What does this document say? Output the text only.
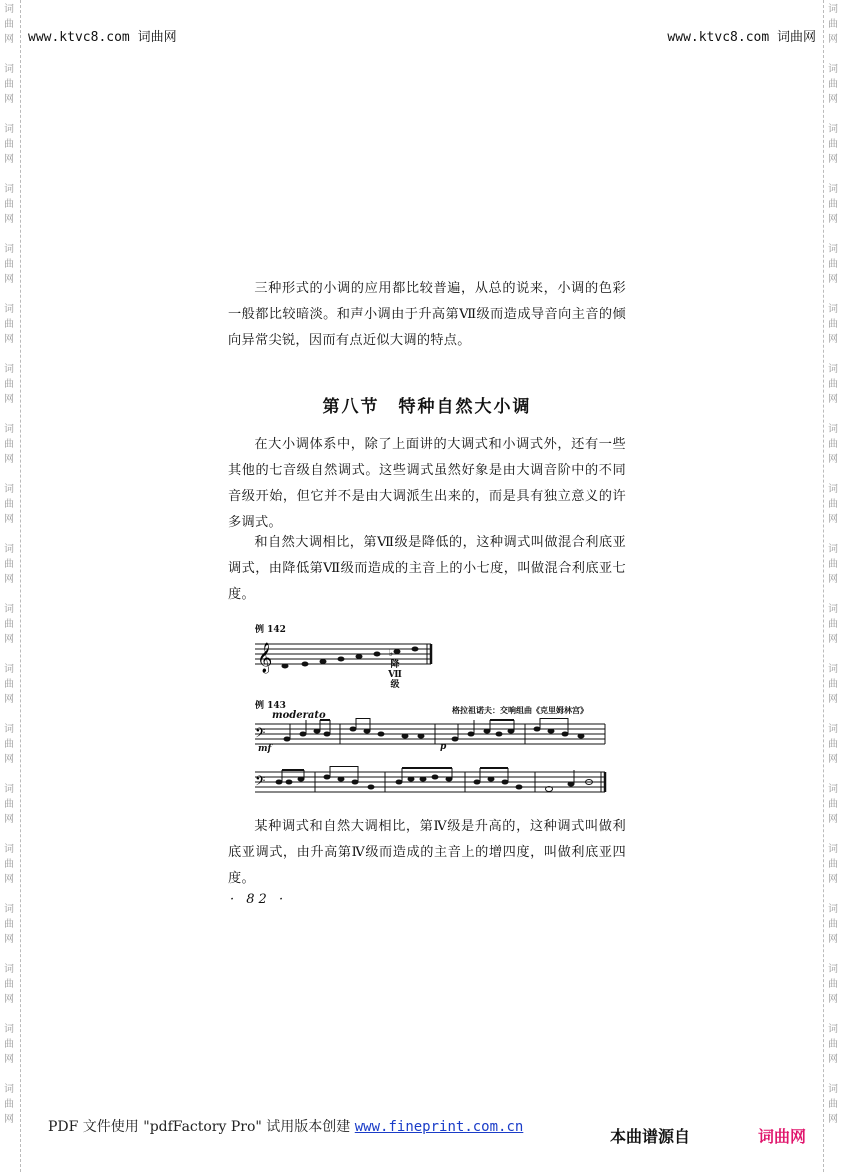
词
曲
网
词
曲
网
词
曲
网
词
曲
网
词
曲
网
词
曲
网
词
曲
网
词
曲
网
词
曲
网
词
曲
网
词
曲
网
词
曲
网
词
曲
网
词
曲
网
词
曲
网
词
曲
网
词
曲
网
词
曲
网
词
曲
网
词
曲
网
词
曲
网
词
曲
网
词
曲
网
词
曲
网
词
曲
网
词
曲
网
词
曲
网
词
曲
网
词
曲
网
词
曲
网
词
曲
网
词
曲
网
词
曲
网
词
曲
网
词
曲
网
词
曲
网
词
曲
网
词
曲
网
www.ktvc8.com 词曲网	www.ktvc8.com 词曲网
三种形式的小调的应用都比较普遍，从总的说来，小调的色彩一般都比较暗淡。和声小调由于升高第Ⅶ级而造成导音向主音的倾向异常尖锐，因而有点近似大调的特点。
第八节　特种自然大小调
在大小调体系中，除了上面讲的大调式和小调式外，还有一些其他的七音级自然调式。这些调式虽然好象是由大调音阶中的不同音级开始，但它并不是由大调派生出来的，而是具有独立意义的许多调式。
和自然大调相比，第Ⅶ级是降低的，这种调式叫做混合利底亚调式，由降低第Ⅶ级而造成的主音上的小七度，叫做混合利底亚七度。
例 142
𝄞	♭
降 Ⅶ 级
例 143
moderato	格拉祖诺夫：交响组曲《克里姆林宫》
𝄢
mf	p
𝄢
某种调式和自然大调相比，第Ⅳ级是升高的，这种调式叫做利底亚调式，由升高第Ⅳ级而造成的主音上的增四度，叫做利底亚四度。
· 82 ·
PDF 文件使用 "pdfFactory Pro" 试用版本创建 www.fineprint.com.cn	本曲谱源自	词曲网
